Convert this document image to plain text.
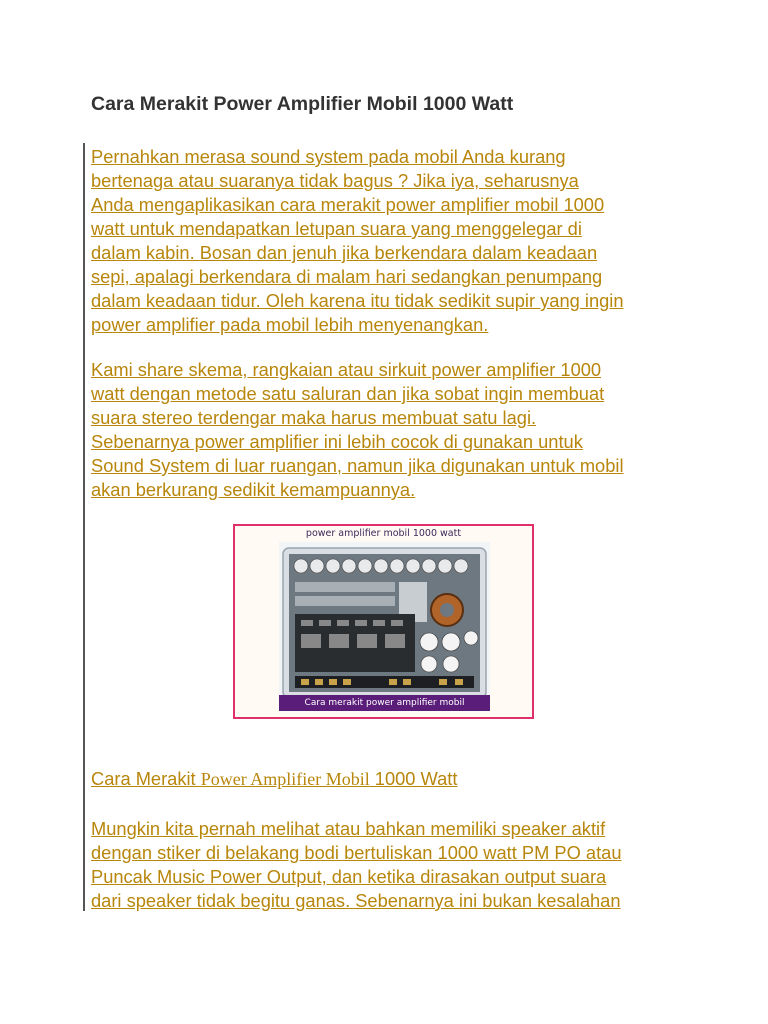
Cara Merakit Power Amplifier Mobil 1000 Watt

Pernahkan merasa sound system pada mobil Anda kurang
bertenaga atau suaranya tidak bagus ? Jika iya, seharusnya
Anda mengaplikasikan cara merakit power amplifier mobil 1000
watt untuk mendapatkan letupan suara yang menggelegar di
dalam kabin. Bosan dan jenuh jika berkendara dalam keadaan
sepi, apalagi berkendara di malam hari sedangkan penumpang
dalam keadaan tidur. Oleh karena itu tidak sedikit supir yang ingin
power amplifier pada mobil lebih menyenangkan.

Kami share skema, rangkaian atau sirkuit power amplifier 1000
watt dengan metode satu saluran dan jika sobat ingin membuat
suara stereo terdengar maka harus membuat satu lagi.
Sebenarnya power amplifier ini lebih cocok di gunakan untuk
Sound System di luar ruangan, namun jika digunakan untuk mobil
akan berkurang sedikit kemampuannya.

power amplifier mobil 1000 watt
Cara merakit power amplifier mobil
Cara Merakit Power Amplifier Mobil 1000 Watt

Mungkin kita pernah melihat atau bahkan memiliki speaker aktif
dengan stiker di belakang bodi bertuliskan 1000 watt PM PO atau
Puncak Music Power Output, dan ketika dirasakan output suara
dari speaker tidak begitu ganas. Sebenarnya ini bukan kesalahan
